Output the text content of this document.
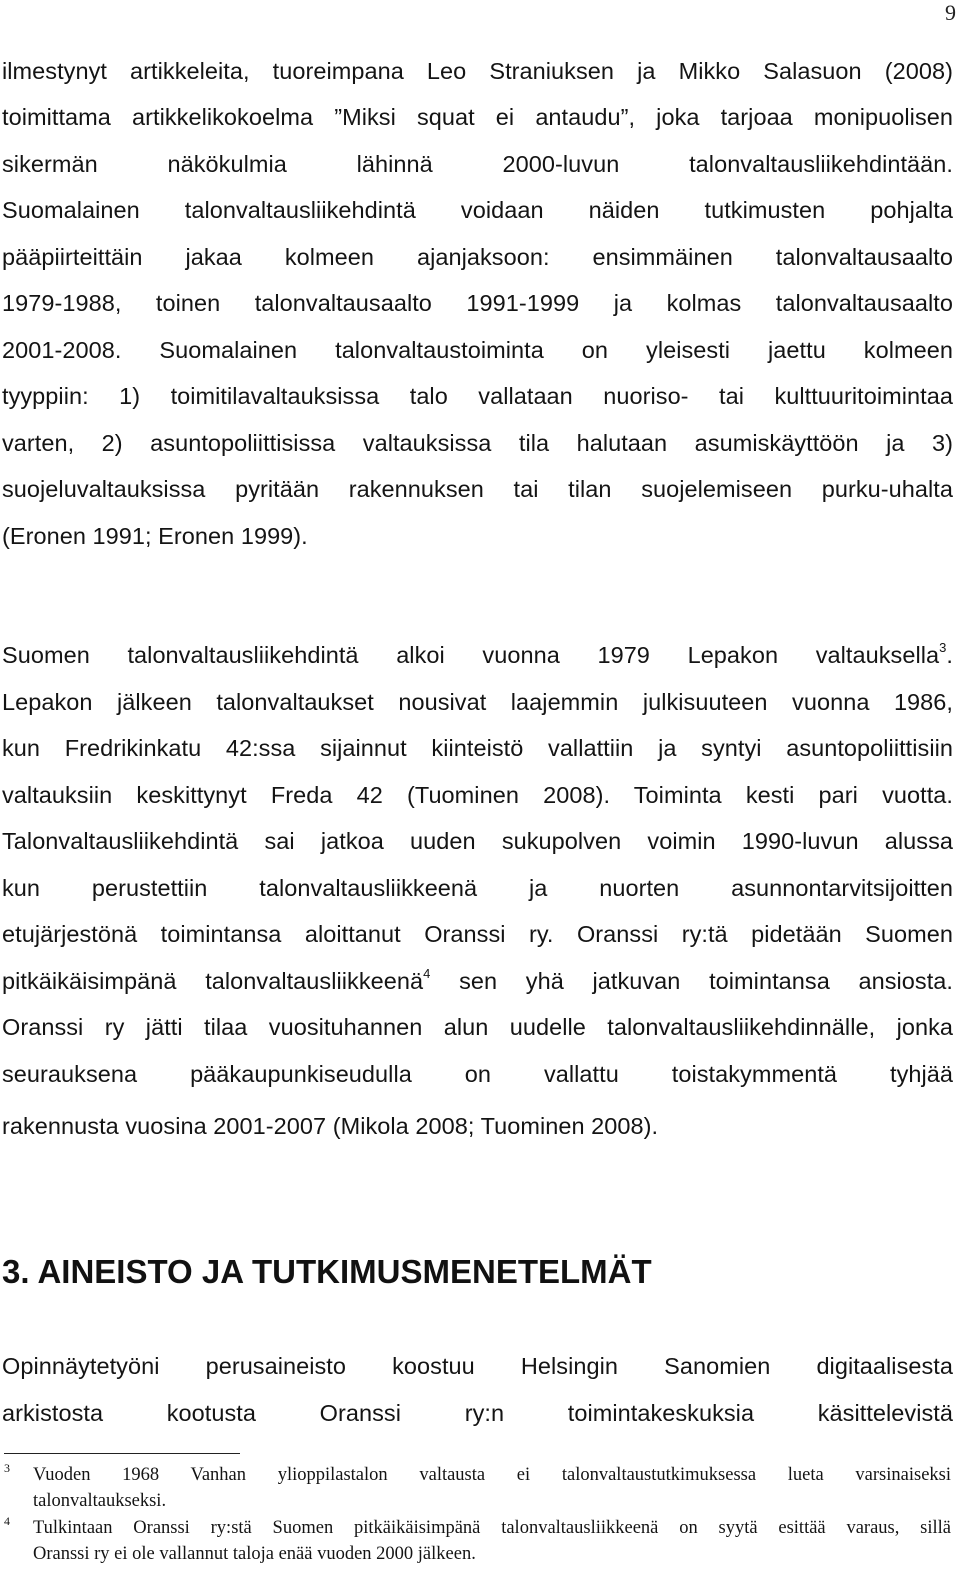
9
ilmestynyt artikkeleita, tuoreimpana Leo Straniuksen ja Mikko Salasuon (2008)
toimittama artikkelikokoelma ”Miksi squat ei antaudu”, joka tarjoaa monipuolisen
sikermän näkökulmia lähinnä 2000-luvun talonvaltausliikehdintään.
Suomalainen talonvaltausliikehdintä voidaan näiden tutkimusten pohjalta
pääpiirteittäin jakaa kolmeen ajanjaksoon: ensimmäinen talonvaltausaalto
1979-1988, toinen talonvaltausaalto 1991-1999 ja kolmas talonvaltausaalto
2001-2008. Suomalainen talonvaltaustoiminta on yleisesti jaettu kolmeen
tyyppiin: 1) toimitilavaltauksissa talo vallataan nuoriso- tai kulttuuritoimintaa
varten, 2) asuntopoliittisissa valtauksissa tila halutaan asumiskäyttöön ja 3)
suojeluvaltauksissa pyritään rakennuksen tai tilan suojelemiseen purku-uhalta
(Eronen 1991; Eronen 1999).
Suomen talonvaltausliikehdintä alkoi vuonna 1979 Lepakon valtauksella$^3$.
Lepakon jälkeen talonvaltaukset nousivat laajemmin julkisuuteen vuonna 1986,
kun Fredrikinkatu 42:ssa sijainnut kiinteistö vallattiin ja syntyi asuntopoliittisiin
valtauksiin keskittynyt Freda 42 (Tuominen 2008). Toiminta kesti pari vuotta.
Talonvaltausliikehdintä sai jatkoa uuden sukupolven voimin 1990-luvun alussa
kun perustettiin talonvaltausliikkeenä ja nuorten asunnontarvitsijoitten
etujärjestönä toimintansa aloittanut Oranssi ry. Oranssi ry:tä pidetään Suomen
pitkäikäisimpänä talonvaltausliikkeenä$^4$ sen yhä jatkuvan toimintansa ansiosta.
Oranssi ry jätti tilaa vuosituhannen alun uudelle talonvaltausliikehdinnälle, jonka
seurauksena pääkaupunkiseudulla on vallattu toistakymmentä tyhjää
rakennusta vuosina 2001-2007 (Mikola 2008; Tuominen 2008).
3. AINEISTO JA TUTKIMUSMENETELMÄT
Opinnäytetyöni perusaineisto koostuu Helsingin Sanomien digitaalisesta
arkistosta kootusta Oranssi ry:n toimintakeskuksia käsittelevistä
3 Vuoden 1968 Vanhan ylioppilastalon valtausta ei talonvaltaustutkimuksessa lueta varsinaiseksi
talonvaltaukseksi.
4 Tulkintaan Oranssi ry:stä Suomen pitkäikäisimpänä talonvaltausliikkeenä on syytä esittää varaus, sillä
Oranssi ry ei ole vallannut taloja enää vuoden 2000 jälkeen.
